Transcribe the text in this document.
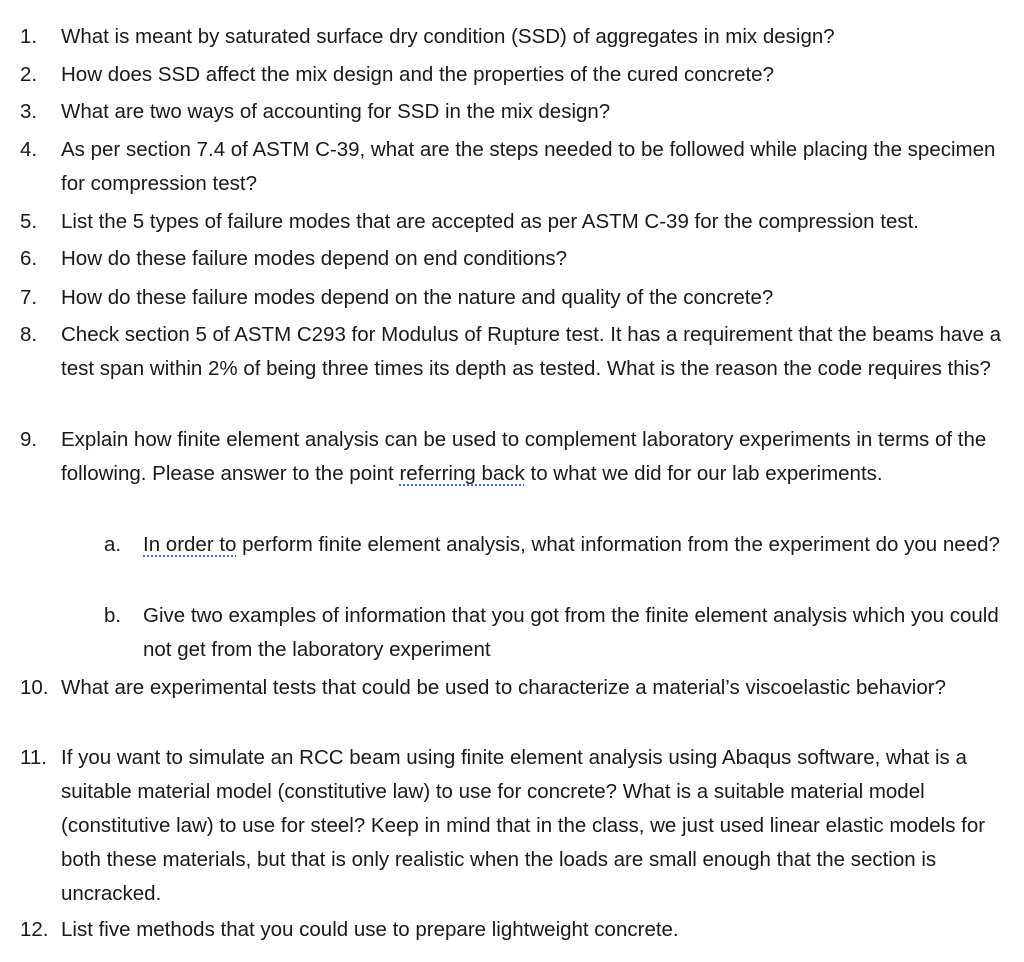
1. What is meant by saturated surface dry condition (SSD) of aggregates in mix design?
2. How does SSD affect the mix design and the properties of the cured concrete?
3. What are two ways of accounting for SSD in the mix design?
4. As per section 7.4 of ASTM C-39, what are the steps needed to be followed while placing the specimen for compression test?
5. List the 5 types of failure modes that are accepted as per ASTM C-39 for the compression test.
6. How do these failure modes depend on end conditions?
7. How do these failure modes depend on the nature and quality of the concrete?
8. Check section 5 of ASTM C293 for Modulus of Rupture test. It has a requirement that the beams have a test span within 2% of being three times its depth as tested. What is the reason the code requires this?
9. Explain how finite element analysis can be used to complement laboratory experiments in terms of the following. Please answer to the point referring back to what we did for our lab experiments.
a. In order to perform finite element analysis, what information from the experiment do you need?
b. Give two examples of information that you got from the finite element analysis which you could not get from the laboratory experiment
10. What are experimental tests that could be used to characterize a material’s viscoelastic behavior?
11. If you want to simulate an RCC beam using finite element analysis using Abaqus software, what is a suitable material model (constitutive law) to use for concrete? What is a suitable material model (constitutive law) to use for steel? Keep in mind that in the class, we just used linear elastic models for both these materials, but that is only realistic when the loads are small enough that the section is uncracked.
12. List five methods that you could use to prepare lightweight concrete.
